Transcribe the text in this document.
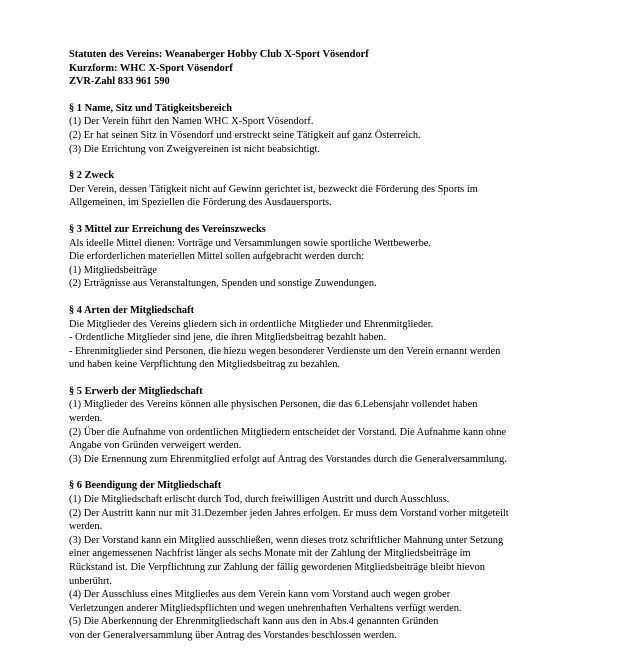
Statuten des Vereins: Weanaberger Hobby Club X-Sport Vösendorf
Kurzform: WHC X-Sport Vösendorf
ZVR-Zahl 833 961 590
§ 1 Name, Sitz und Tätigkeitsbereich
(1) Der Verein führt den Namen WHC X-Sport Vösendorf.
(2) Er hat seinen Sitz in Vösendorf und erstreckt seine Tätigkeit auf ganz Österreich.
(3) Die Errichtung von Zweigvereinen ist nicht beabsichtigt.
§ 2 Zweck
Der Verein, dessen Tätigkeit nicht auf Gewinn gerichtet ist, bezweckt die Förderung des Sports im
Allgemeinen, im Speziellen die Förderung des Ausdauersports.
§ 3 Mittel zur Erreichung des Vereinszwecks
Als ideelle Mittel dienen: Vorträge und Versammlungen sowie sportliche Wettbewerbe.
Die erforderlichen materiellen Mittel sollen aufgebracht werden durch:
(1) Mitgliedsbeiträge
(2) Erträgnisse aus Veranstaltungen, Spenden und sonstige Zuwendungen.
§ 4 Arten der Mitgliedschaft
Die Mitglieder des Vereins gliedern sich in ordentliche Mitglieder und Ehrenmitglieder.
- Ordentliche Mitglieder sind jene, die ihren Mitgliedsbeitrag bezahlt haben.
- Ehrenmitglieder sind Personen, die hiezu wegen besonderer Verdienste um den Verein ernannt werden
und haben keine Verpflichtung den Mitgliedsbeitrag zu bezahlen.
§ 5 Erwerb der Mitgliedschaft
(1) Mitglieder des Vereins können alle physischen Personen, die das 6.Lebensjahr vollendet haben
werden.
(2) Über die Aufnahme von ordentlichen Mitgliedern entscheidet der Vorstand. Die Aufnahme kann ohne
Angabe von Gründen verweigert werden.
(3) Die Ernennung zum Ehrenmitglied erfolgt auf Antrag des Vorstandes durch die Generalversammlung.
§ 6 Beendigung der Mitgliedschaft
(1) Die Mitgliedschaft erlischt durch Tod, durch freiwilligen Austritt und durch Ausschluss.
(2) Der Austritt kann nur mit 31.Dezember jeden Jahres erfolgen. Er muss dem Vorstand vorher mitgeteilt
werden.
(3) Der Vorstand kann ein Mitglied ausschließen, wenn dieses trotz schriftlicher Mahnung unter Setzung
einer angemessenen Nachfrist länger als sechs Monate mit der Zahlung der Mitgliedsbeiträge im
Rückstand ist. Die Verpflichtung zur Zahlung der fällig gewordenen Mitgliedsbeiträge bleibt hievon
unberührt.
(4) Der Ausschluss eines Mitgliedes aus dem Verein kann vom Vorstand auch wegen grober
Verletzungen anderer Mitgliedspflichten und wegen unehrenhaften Verhaltens verfügt werden.
(5) Die Aberkennung der Ehrenmitgliedschaft kann aus den in Abs.4 genannten Gründen
von der Generalversammlung über Antrag des Vorstandes beschlossen werden.
